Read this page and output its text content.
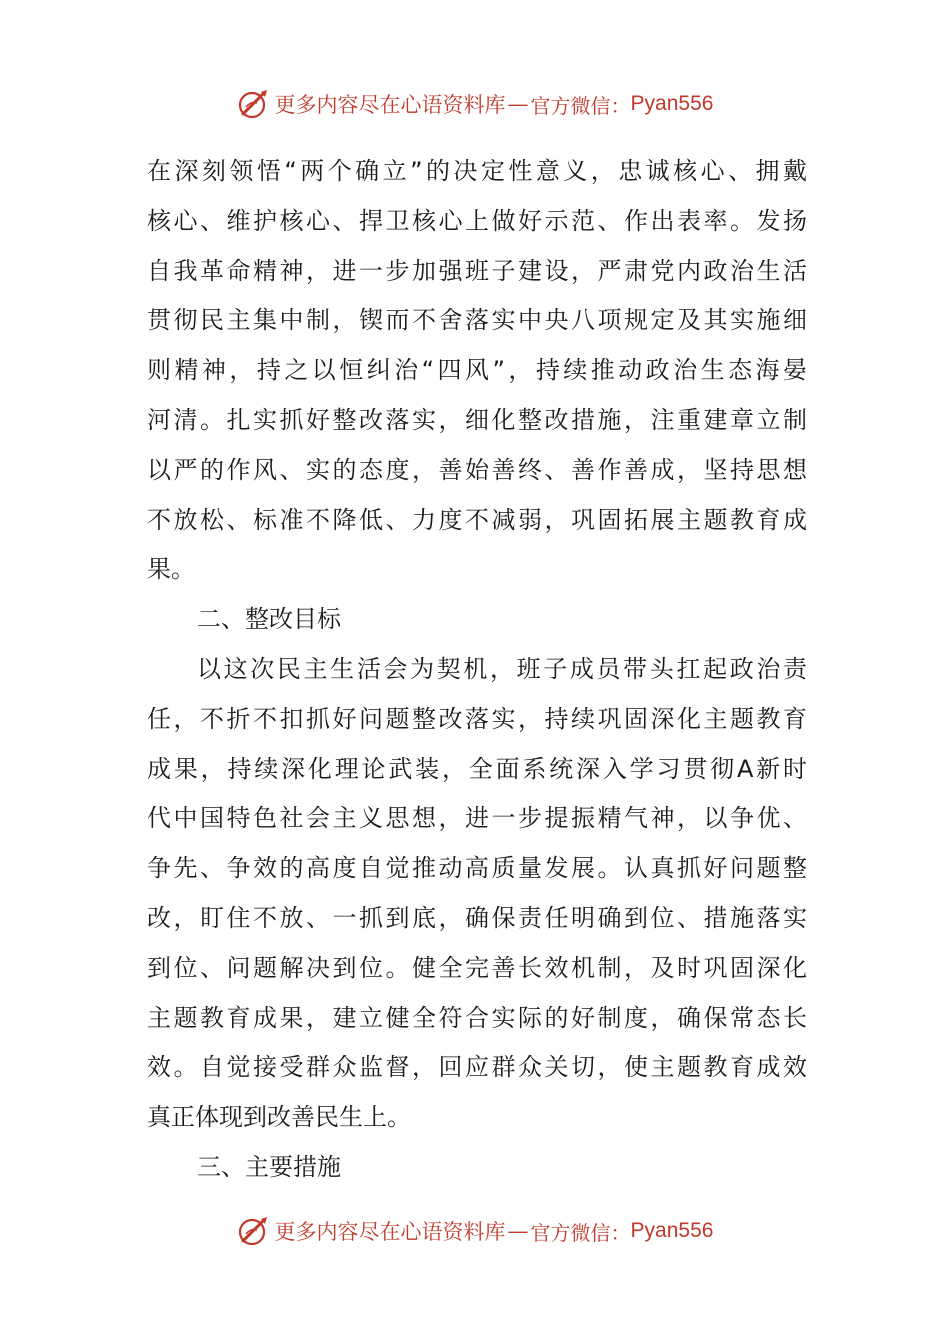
更多内容尽在心语资料库 — 官方微信： Pyan556
在深刻领悟“两个确立”的决定性意义，忠诚核心、拥戴
核心、维护核心、捍卫核心上做好示范、作出表率。发扬
自我革命精神，进一步加强班子建设，严肃党内政治生活
贯彻民主集中制，锲而不舍落实中央八项规定及其实施细
则精神，持之以恒纠治“四风”，持续推动政治生态海晏
河清。扎实抓好整改落实，细化整改措施，注重建章立制
以严的作风、实的态度，善始善终、善作善成，坚持思想
不放松、标准不降低、力度不减弱，巩固拓展主题教育成
果。
二、整改目标
以这次民主生活会为契机，班子成员带头扛起政治责
任，不折不扣抓好问题整改落实，持续巩固深化主题教育
成果，持续深化理论武装，全面系统深入学习贯彻A新时
代中国特色社会主义思想，进一步提振精气神，以争优、
争先、争效的高度自觉推动高质量发展。认真抓好问题整
改，盯住不放、一抓到底，确保责任明确到位、措施落实
到位、问题解决到位。健全完善长效机制，及时巩固深化
主题教育成果，建立健全符合实际的好制度，确保常态长
效。自觉接受群众监督，回应群众关切，使主题教育成效
真正体现到改善民生上。
三、主要措施
更多内容尽在心语资料库 — 官方微信： Pyan556
